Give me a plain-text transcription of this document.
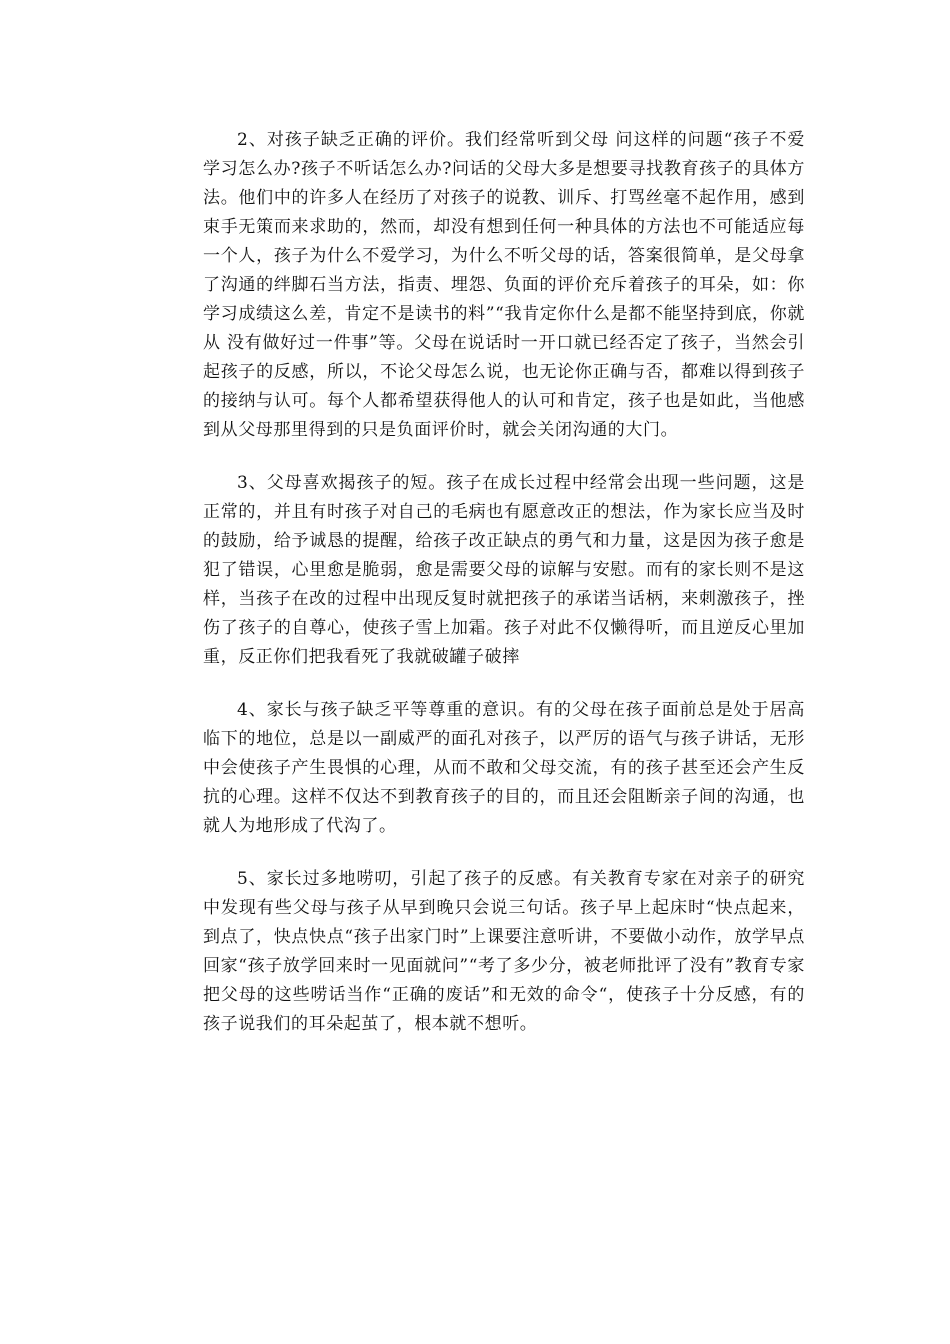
2、对孩子缺乏正确的评价。我们经常听到父母 问这样的问题“孩子不爱学习怎么办?孩子不听话怎么办?问话的父母大多是想要寻找教育孩子的具体方法。他们中的许多人在经历了对孩子的说教、训斥、打骂丝毫不起作用，感到束手无策而来求助的，然而，却没有想到任何一种具体的方法也不可能适应每一个人，孩子为什么不爱学习，为什么不听父母的话，答案很简单，是父母拿了沟通的绊脚石当方法，指责、埋怨、负面的评价充斥着孩子的耳朵，如：你学习成绩这么差，肯定不是读书的料”“我肯定你什么是都不能坚持到底，你就从 没有做好过一件事”等。父母在说话时一开口就已经否定了孩子，当然会引起孩子的反感，所以，不论父母怎么说，也无论你正确与否，都难以得到孩子的接纳与认可。每个人都希望获得他人的认可和肯定，孩子也是如此，当他感到从父母那里得到的只是负面评价时，就会关闭沟通的大门。

3、父母喜欢揭孩子的短。孩子在成长过程中经常会出现一些问题，这是正常的，并且有时孩子对自己的毛病也有愿意改正的想法，作为家长应当及时的鼓励，给予诚恳的提醒，给孩子改正缺点的勇气和力量，这是因为孩子愈是犯了错误，心里愈是脆弱，愈是需要父母的谅解与安慰。而有的家长则不是这样，当孩子在改的过程中出现反复时就把孩子的承诺当话柄，来刺激孩子，挫伤了孩子的自尊心，使孩子雪上加霜。孩子对此不仅懒得听，而且逆反心里加重，反正你们把我看死了我就破罐子破摔

4、家长与孩子缺乏平等尊重的意识。有的父母在孩子面前总是处于居高临下的地位，总是以一副威严的面孔对孩子，以严厉的语气与孩子讲话，无形中会使孩子产生畏惧的心理，从而不敢和父母交流，有的孩子甚至还会产生反抗的心理。这样不仅达不到教育孩子的目的，而且还会阻断亲子间的沟通，也就人为地形成了代沟了。

5、家长过多地唠叨，引起了孩子的反感。有关教育专家在对亲子的研究中发现有些父母与孩子从早到晚只会说三句话。孩子早上起床时“快点起来，到点了，快点快点“孩子出家门时”上课要注意听讲，不要做小动作，放学早点回家“孩子放学回来时一见面就问”“考了多少分，被老师批评了没有”教育专家把父母的这些唠话当作“正确的废话”和无效的命令“，使孩子十分反感，有的孩子说我们的耳朵起茧了，根本就不想听。
